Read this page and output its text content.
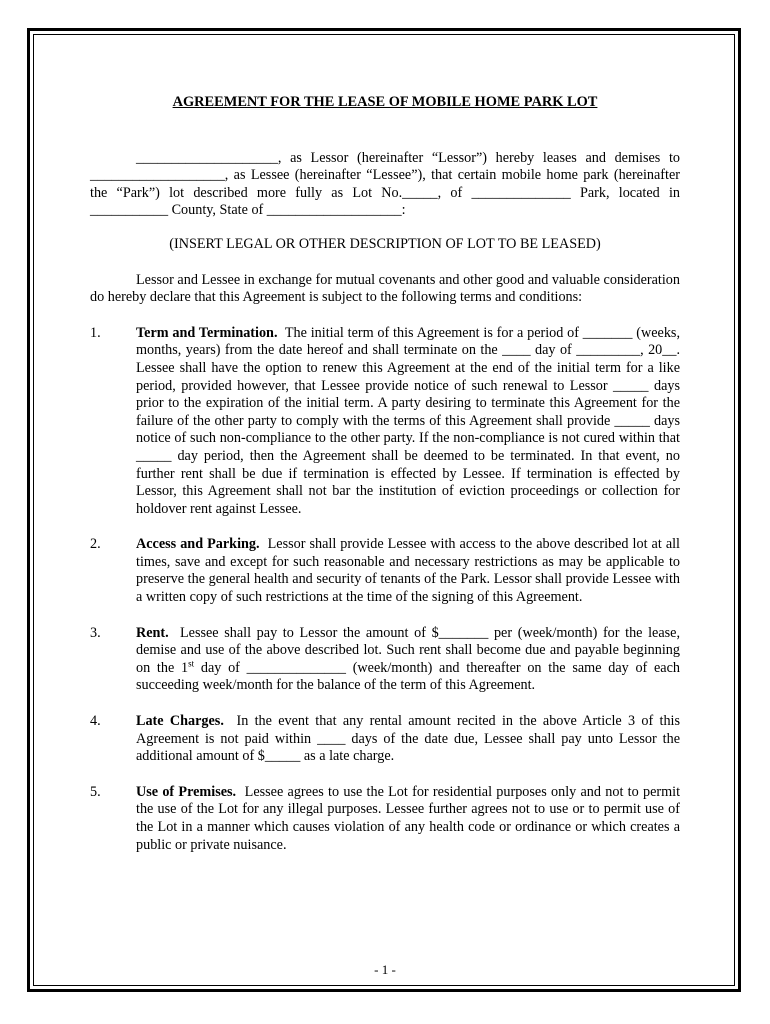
AGREEMENT FOR THE LEASE OF MOBILE HOME PARK LOT

____________________, as Lessor (hereinafter “Lessor”) hereby leases and demises to ___________________, as Lessee (hereinafter “Lessee”), that certain mobile home park (hereinafter the “Park”) lot described more fully as Lot No._____, of ______________ Park, located in ___________ County, State of ___________________:

(INSERT LEGAL OR OTHER DESCRIPTION OF LOT TO BE LEASED)

Lessor and Lessee in exchange for mutual covenants and other good and valuable consideration do hereby declare that this Agreement is subject to the following terms and conditions:

1. Term and Termination. The initial term of this Agreement is for a period of _______ (weeks, months, years) from the date hereof and shall terminate on the ____ day of _________, 20__. Lessee shall have the option to renew this Agreement at the end of the initial term for a like period, provided however, that Lessee provide notice of such renewal to Lessor _____ days prior to the expiration of the initial term. A party desiring to terminate this Agreement for the failure of the other party to comply with the terms of this Agreement shall provide _____ days notice of such non-compliance to the other party. If the non-compliance is not cured within that _____ day period, then the Agreement shall be deemed to be terminated. In that event, no further rent shall be due if termination is effected by Lessee. If termination is effected by Lessor, this Agreement shall not bar the institution of eviction proceedings or collection for holdover rent against Lessee.

2. Access and Parking. Lessor shall provide Lessee with access to the above described lot at all times, save and except for such reasonable and necessary restrictions as may be applicable to preserve the general health and security of tenants of the Park. Lessor shall provide Lessee with a written copy of such restrictions at the time of the signing of this Agreement.

3. Rent. Lessee shall pay to Lessor the amount of $_______ per (week/month) for the lease, demise and use of the above described lot. Such rent shall become due and payable beginning on the 1st day of ______________ (week/month) and thereafter on the same day of each succeeding week/month for the balance of the term of this Agreement.

4. Late Charges. In the event that any rental amount recited in the above Article 3 of this Agreement is not paid within ____ days of the date due, Lessee shall pay unto Lessor the additional amount of $_____ as a late charge.

5. Use of Premises. Lessee agrees to use the Lot for residential purposes only and not to permit the use of the Lot for any illegal purposes. Lessee further agrees not to use or to permit use of the Lot in a manner which causes violation of any health code or ordinance or which creates a public or private nuisance.

- 1 -
